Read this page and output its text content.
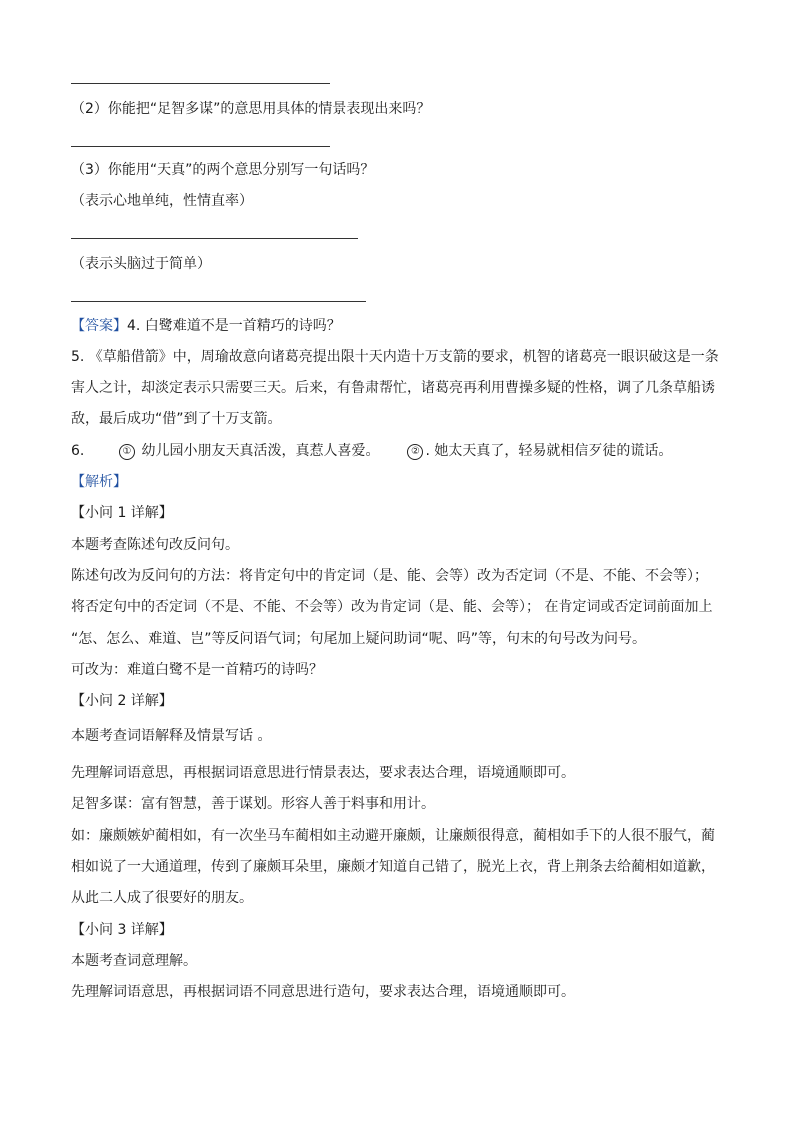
（2）你能把“足智多谋”的意思用具体的情景表现出来吗？
（3）你能用“天真”的两个意思分别写一句话吗？
（表示心地单纯，性情直率）
（表示头脑过于简单）
【答案】4. 白鹭难道不是一首精巧的诗吗？
5. 《草船借箭》中，周瑜故意向诸葛亮提出限十天内造十万支箭的要求，机智的诸葛亮一眼识破这是一条
害人之计，却淡定表示只需要三天。后来，有鲁肃帮忙，诸葛亮再利用曹操多疑的性格，调了几条草船诱
敌，最后成功“借”到了十万支箭。
6.	① 幼儿园小朋友天真活泼，真惹人喜爱。	② . 她太天真了，轻易就相信歹徒的谎话。
【解析】
【小问 1 详解】
本题考查陈述句改反问句。
陈述句改为反问句的方法：将肯定句中的肯定词（是、能、会等）改为否定词（不是、不能、不会等）；
将否定句中的否定词（不是、不能、不会等）改为肯定词（是、能、会等）； 在肯定词或否定词前面加上
“怎、怎么、难道、岂”等反问语气词；句尾加上疑问助词“呢、吗”等，句末的句号改为问号。
可改为：难道白鹭不是一首精巧的诗吗？
【小问 2 详解】
本题考查词语解释及情景写话 。
先理解词语意思，再根据词语意思进行情景表达，要求表达合理，语境通顺即可。
足智多谋：富有智慧，善于谋划。形容人善于料事和用计。
如：廉颇嫉妒蔺相如，有一次坐马车蔺相如主动避开廉颇，让廉颇很得意，蔺相如手下的人很不服气，蔺
相如说了一大通道理，传到了廉颇耳朵里，廉颇才知道自己错了，脱光上衣，背上荆条去给蔺相如道歉，
从此二人成了很要好的朋友。
【小问 3 详解】
本题考查词意理解。
先理解词语意思，再根据词语不同意思进行造句，要求表达合理，语境通顺即可。
